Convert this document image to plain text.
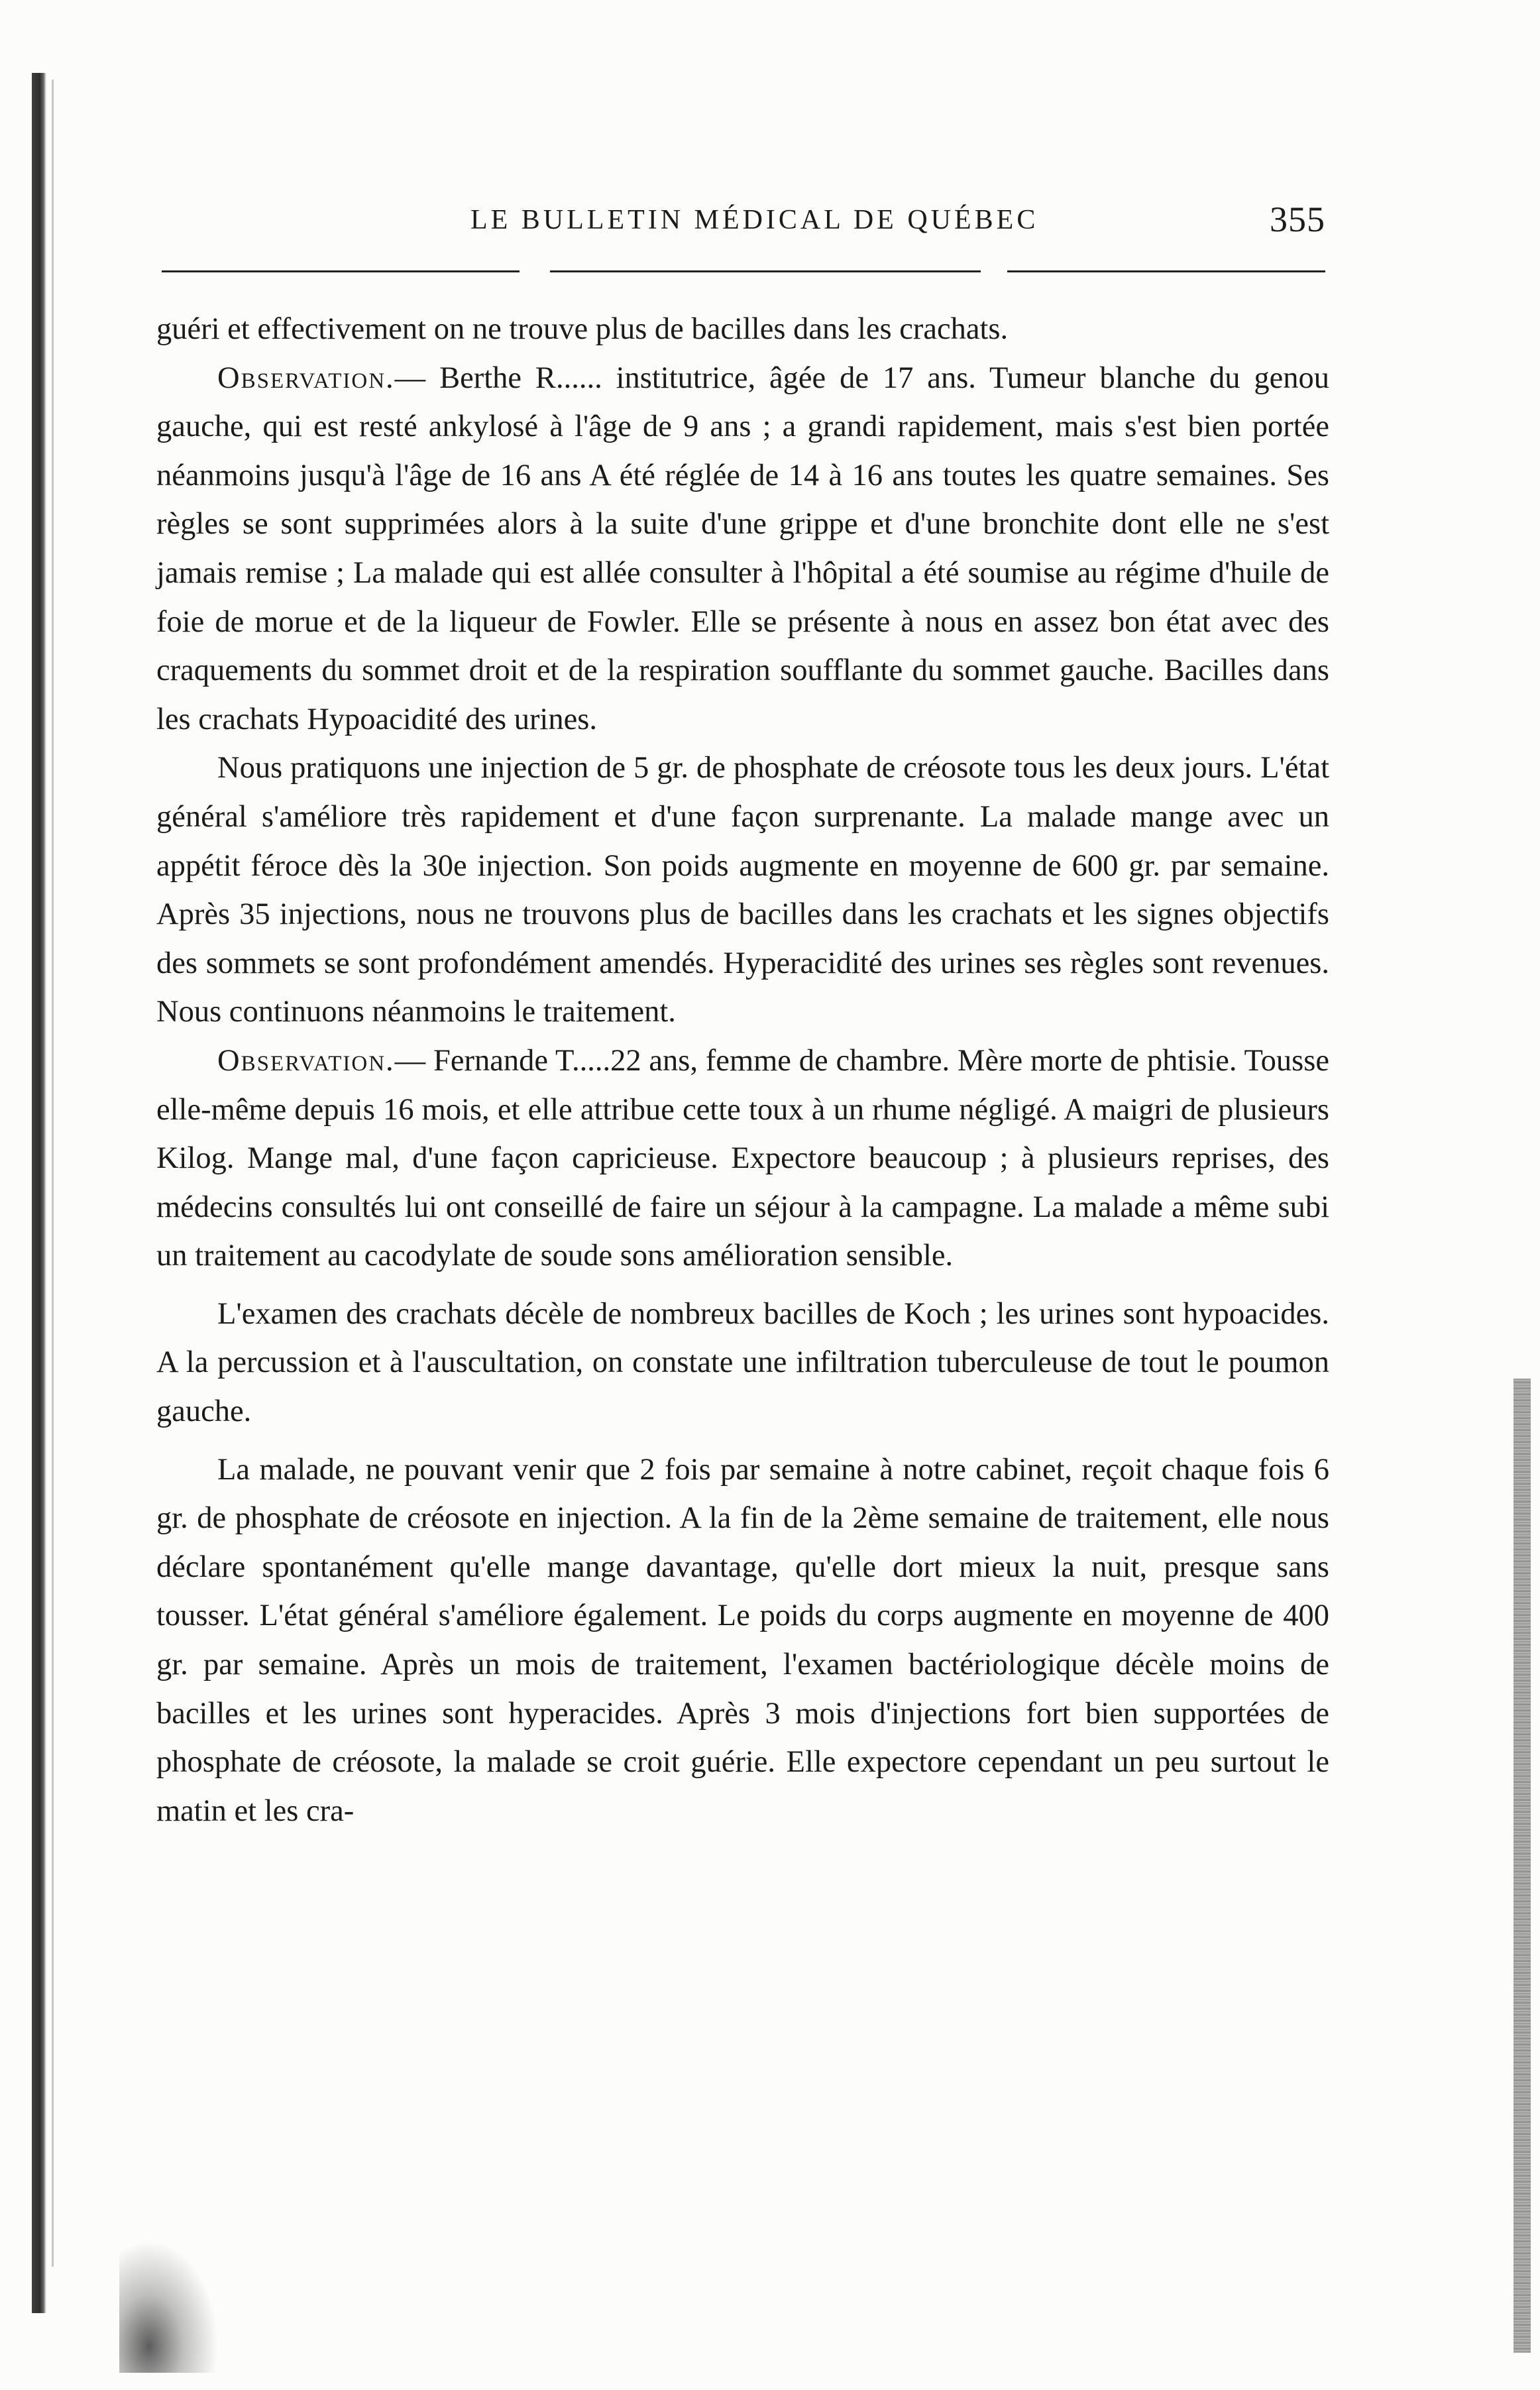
LE BULLETIN MÉDICAL DE QUÉBEC	355

guéri et effectivement on ne trouve plus de bacilles dans les crachats.

Observation.— Berthe R...... institutrice, âgée de 17 ans. Tumeur blanche du genou gauche, qui est resté ankylosé à l'âge de 9 ans ; a grandi rapidement, mais s'est bien portée néanmoins jusqu'à l'âge de 16 ans A été réglée de 14 à 16 ans toutes les quatre semaines. Ses règles se sont supprimées alors à la suite d'une grippe et d'une bronchite dont elle ne s'est jamais remise ; La malade qui est allée consulter à l'hôpital a été soumise au régime d'huile de foie de morue et de la liqueur de Fowler. Elle se présente à nous en assez bon état avec des craquements du sommet droit et de la respiration soufflante du sommet gauche. Bacilles dans les crachats Hypoacidité des urines.

Nous pratiquons une injection de 5 gr. de phosphate de créosote tous les deux jours. L'état général s'améliore très rapidement et d'une façon surprenante. La malade mange avec un appétit féroce dès la 30e injection. Son poids augmente en moyenne de 600 gr. par semaine. Après 35 injections, nous ne trouvons plus de bacilles dans les crachats et les signes objectifs des sommets se sont profondément amendés. Hyperacidité des urines ses règles sont revenues. Nous continuons néanmoins le traitement.

Observation.— Fernande T.....22 ans, femme de chambre. Mère morte de phtisie. Tousse elle-même depuis 16 mois, et elle attribue cette toux à un rhume négligé. A maigri de plusieurs Kilog. Mange mal, d'une façon capricieuse. Expectore beaucoup ; à plusieurs reprises, des médecins consultés lui ont conseillé de faire un séjour à la campagne. La malade a même subi un traitement au cacodylate de soude sons amélioration sensible.

L'examen des crachats décèle de nombreux bacilles de Koch ; les urines sont hypoacides. A la percussion et à l'auscultation, on constate une infiltration tuberculeuse de tout le poumon gauche.

La malade, ne pouvant venir que 2 fois par semaine à notre cabinet, reçoit chaque fois 6 gr. de phosphate de créosote en injection. A la fin de la 2ème semaine de traitement, elle nous déclare spontanément qu'elle mange davantage, qu'elle dort mieux la nuit, presque sans tousser. L'état général s'améliore également. Le poids du corps augmente en moyenne de 400 gr. par semaine. Après un mois de traitement, l'examen bactériologique décèle moins de bacilles et les urines sont hyperacides. Après 3 mois d'injections fort bien supportées de phosphate de créosote, la malade se croit guérie. Elle expectore cependant un peu surtout le matin et les cra-
